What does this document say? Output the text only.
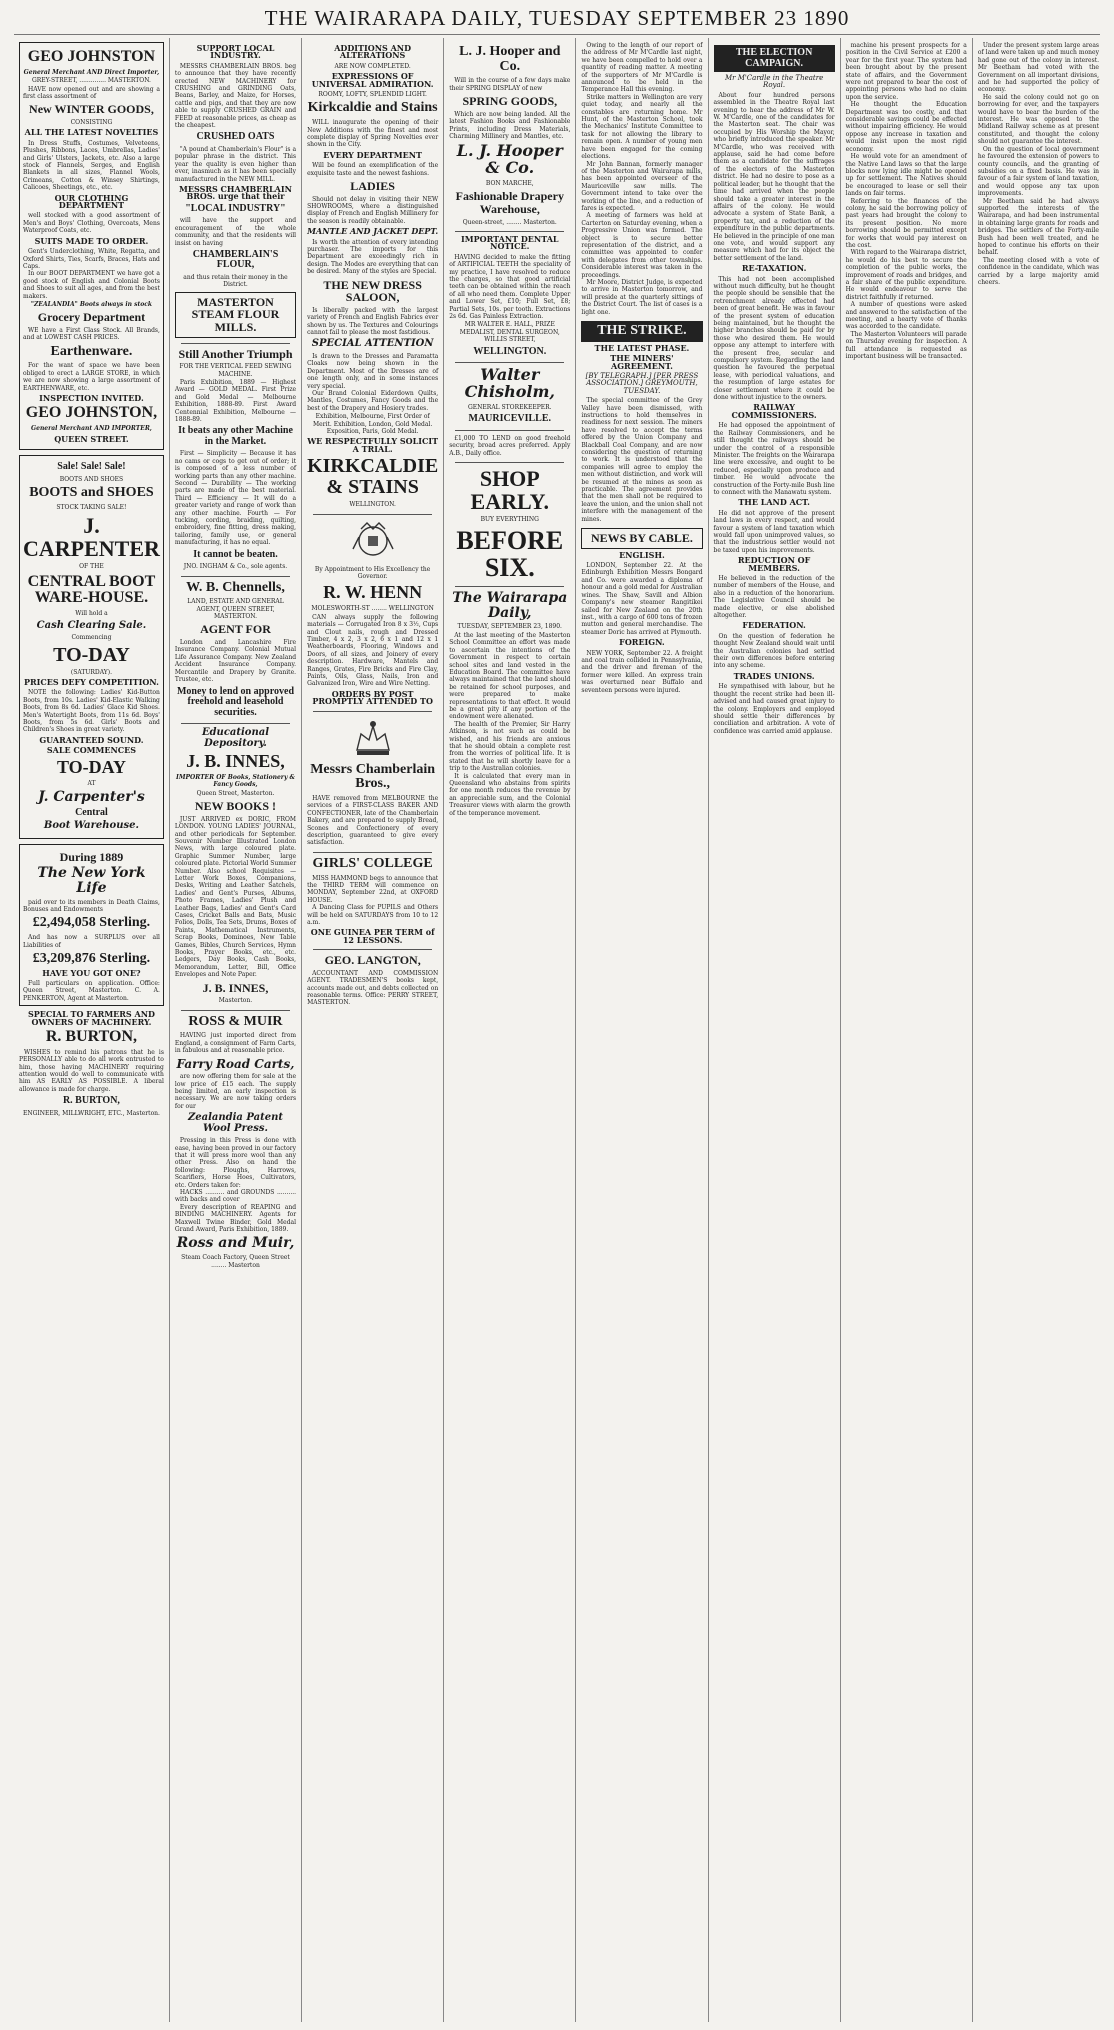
THE WAIRARAPA DAILY, TUESDAY SEPTEMBER 23 1890
GEO JOHNSTON
General Merchant AND Direct Importer,
GREY-STREET, .............. MASTERTON.
HAVE now opened out and are showing a first class assortment of
New WINTER GOODS,
CONSISTING
ALL THE LATEST NOVELTIES
In Dress Stuffs, Costumes, Velveteens, Plushes, Ribbons, Laces, Umbrellas, Ladies' and Girls' Ulsters, Jackets, etc. Also a large stock of Flannels, Serges, and English Blankets in all sizes, Flannel Wools, Crimeans, Cotton & Winsey Shirtings, Calicoes, Sheetings, etc., etc.
OUR CLOTHING DEPARTMENT
well stocked with a good assortment of Men's and Boys' Clothing, Overcoats, Mens Waterproof Coats, etc.
SUITS MADE TO ORDER.
Gent's Underclothing, White, Regatta, and Oxford Shirts, Ties, Scarfs, Braces, Hats and Caps.
In our BOOT DEPARTMENT we have got a good stock of English and Colonial Boots and Shoes to suit all ages, and from the best makers.
"ZEALANDIA" Boots always in stock
Grocery Department
WE have a First Class Stock. All Brands, and at LOWEST CASH PRICES.
Earthenware.
For the want of space we have been obliged to erect a LARGE STORE, in which we are now showing a large assortment of EARTHENWARE, etc.
INSPECTION INVITED.
GEO JOHNSTON,
General Merchant AND IMPORTER,
QUEEN STREET.
Sale! Sale! Sale!
BOOTS AND SHOES
BOOTS and SHOES
STOCK TAKING SALE!
J. CARPENTER
OF THE
CENTRAL BOOT WARE-HOUSE.
Will hold a
Cash Clearing Sale.
Commencing
TO-DAY
(SATURDAY).
PRICES DEFY COMPETITION.
NOTE the following: Ladies' Kid-Button Boots, from 10s. Ladies' Kid-Elastic Walking Boots, from 8s 6d. Ladies' Glace Kid Shoes. Men's Watertight Boots, from 11s 6d. Boys' Boots, from 5s 6d. Girls' Boots and Children's Shoes in great variety.
GUARANTEED SOUND.
SALE COMMENCES
TO-DAY
AT
J. Carpenter's
Central
Boot Warehouse.
During 1889
The New York Life
paid over to its members in Death Claims, Bonuses and Endowments
£2,494,058 Sterling.
And has now a SURPLUS over all Liabilities of
£3,209,876 Sterling.
HAVE YOU GOT ONE?
Full particulars on application. Office: Queen Street, Masterton. C. A. PENKERTON, Agent at Masterton.
SPECIAL TO FARMERS AND OWNERS OF MACHINERY.
R. BURTON,
WISHES to remind his patrons that he is PERSONALLY able to do all work entrusted to him, those having MACHINERY requiring attention would do well to communicate with him AS EARLY AS POSSIBLE. A liberal allowance is made for charge.
R. BURTON,
ENGINEER, MILLWRIGHT, ETC., Masterton.
SUPPORT LOCAL INDUSTRY.
MESSRS CHAMBERLAIN BROS. beg to announce that they have recently erected NEW MACHINERY for CRUSHING and GRINDING Oats, Beans, Barley, and Maize, for Horses, cattle and pigs, and that they are now able to supply CRUSHED GRAIN and FEED at reasonable prices, as cheap as the cheapest.
CRUSHED OATS
"A pound at Chamberlain's Flour" is a popular phrase in the district. This year the quality is even higher than ever, inasmuch as it has been specially manufactured in the NEW MILL.
MESSRS CHAMBERLAIN BROS. urge that their
"LOCAL INDUSTRY"
will have the support and encouragement of the whole community, and that the residents will insist on having
CHAMBERLAIN'S FLOUR,
and thus retain their money in the District.
MASTERTON STEAM FLOUR MILLS.
Still Another Triumph
FOR THE VERTICAL FEED SEWING MACHINE.
Paris Exhibition, 1889 — Highest Award — GOLD MEDAL. First Prize and Gold Medal — Melbourne Exhibition, 1888-89. First Award Centennial Exhibition, Melbourne — 1888-89.
It beats any other Machine in the Market.
First — Simplicity — Because it has no cams or cogs to get out of order; it is composed of a less number of working parts than any other machine. Second — Durability — The working parts are made of the best material. Third — Efficiency — It will do a greater variety and range of work than any other machine. Fourth — For tucking, cording, braiding, quilting, embroidery, fine fitting, dress making, tailoring, family use, or general manufacturing, it has no equal.
It cannot be beaten.
JNO. INGHAM & Co., sole agents.
W. B. Chennells,
LAND, ESTATE AND GENERAL AGENT, QUEEN STREET, MASTERTON.
AGENT FOR
London and Lancashire Fire Insurance Company. Colonial Mutual Life Assurance Company. New Zealand Accident Insurance Company. Mercantile and Drapery by Granite. Trustee, etc.
Money to lend on approved freehold and leasehold securities.
Educational Depository.
J. B. INNES,
IMPORTER OF Books, Stationery & Fancy Goods,
Queen Street, Masterton.
NEW BOOKS !
JUST ARRIVED ex DORIC, FROM LONDON. YOUNG LADIES' JOURNAL, and other periodicals for September. Souvenir Number Illustrated London News, with large coloured plate. Graphic Summer Number, large coloured plate. Pictorial World Summer Number. Also school Requisites — Letter Work Boxes, Companions, Desks, Writing and Leather Satchels, Ladies' and Gent's Purses, Albums, Photo Frames, Ladies' Plush and Leather Bags, Ladies' and Gent's Card Cases, Cricket Balls and Bats, Music Folios, Dolls, Tea Sets, Drums, Boxes of Paints, Mathematical Instruments, Scrap Books, Dominoes, New Table Games, Bibles, Church Services, Hymn Books, Prayer Books, etc., etc. Ledgers, Day Books, Cash Books, Memorandum, Letter, Bill, Office Envelopes and Note Paper.
J. B. INNES,
Masterton.
ROSS & MUIR
HAVING just imported direct from England, a consignment of Farm Carts, in fabulous and at reasonable price.
Farry Road Carts,
are now offering them for sale at the low price of £15 each. The supply being limited, an early inspection is necessary. We are now taking orders for our
Zealandia Patent Wool Press.
Pressing in this Press is done with ease, having been proved in our factory that it will press more wool than any other Press. Also on hand the following: Ploughs, Harrows, Scarifiers, Horse Hoes, Cultivators, etc. Orders taken for:
HACKS .......... and GROUNDS .......... with backs and cover
Every description of REAPING and BINDING MACHINERY. Agents for Maxwell Twine Binder, Gold Medal Grand Award, Paris Exhibition, 1889.
Ross and Muir,
Steam Coach Factory, Queen Street ........ Masterton
ADDITIONS AND ALTERATIONS
ARE NOW COMPLETED.
EXPRESSIONS OF UNIVERSAL ADMIRATION.
ROOMY, LOFTY, SPLENDID LIGHT.
Kirkcaldie and Stains
WILL inaugurate the opening of their New Additions with the finest and most complete display of Spring Novelties ever shown in the City.
EVERY DEPARTMENT
Will be found an exemplification of the exquisite taste and the newest fashions.
LADIES
Should not delay in visiting their NEW SHOWROOMS, where a distinguished display of French and English Millinery for the season is readily obtainable.
MANTLE AND JACKET DEPT.
Is worth the attention of every intending purchaser. The imports for this Department are exceedingly rich in design. The Modes are everything that can be desired. Many of the styles are Special.
THE NEW DRESS SALOON,
Is liberally packed with the largest variety of French and English Fabrics ever shown by us. The Textures and Colourings cannot fail to please the most fastidious.
SPECIAL ATTENTION
Is drawn to the Dresses and Paramatta Cloaks now being shown in the Department. Most of the Dresses are of one length only, and in some instances very special.
Our Brand Colonial Eiderdown Quilts, Mantles, Costumes, Fancy Goods and the best of the Drapery and Hosiery trades.
Exhibition, Melbourne, First Order of Merit. Exhibition, London, Gold Medal. Exposition, Paris, Gold Medal.
WE RESPECTFULLY SOLICIT A TRIAL.
KIRKCALDIE & STAINS
WELLINGTON.
By Appointment to His Excellency the Governor.
R. W. HENN
MOLESWORTH-ST ........ WELLINGTON
CAN always supply the following materials — Corrugated Iron 8 x 3½, Cups and Clout nails, rough and Dressed Timber, 4 x 2, 3 x 2, 6 x 1 and 12 x 1 Weatherboards, Flooring, Windows and Doors, of all sizes, and Joinery of every description. Hardware, Mantels and Ranges, Grates, Fire Bricks and Fire Clay, Paints, Oils, Glass, Nails, Iron and Galvanized Iron, Wire and Wire Netting.
ORDERS BY POST PROMPTLY ATTENDED TO
Messrs Chamberlain Bros.,
HAVE removed from MELBOURNE the services of a FIRST-CLASS BAKER AND CONFECTIONER, late of the Chamberlain Bakery, and are prepared to supply Bread, Scones and Confectionery of every description, guaranteed to give every satisfaction.
GIRLS' COLLEGE
MISS HAMMOND begs to announce that the THIRD TERM will commence on MONDAY, September 22nd, at OXFORD HOUSE.
A Dancing Class for PUPILS and Others will be held on SATURDAYS from 10 to 12 a.m.
ONE GUINEA PER TERM of 12 LESSONS.
GEO. LANGTON,
ACCOUNTANT AND COMMISSION AGENT. TRADESMEN'S books kept, accounts made out, and debts collected on reasonable terms. Office: PERRY STREET, MASTERTON.
L. J. Hooper and Co.
Will in the course of a few days make their SPRING DISPLAY of new
SPRING GOODS,
Which are now being landed. All the latest Fashion Books and Fashionable Prints, including Dress Materials, Charming Millinery and Mantles, etc.
L. J. Hooper & Co.
BON MARCHE,
Fashionable Drapery Warehouse,
Queen-street, ........ Masterton.
IMPORTANT DENTAL NOTICE.
HAVING decided to make the fitting of ARTIFICIAL TEETH the speciality of my practice, I have resolved to reduce the charges, so that good artificial teeth can be obtained within the reach of all who need them. Complete Upper and Lower Set, £10; Full Set, £8; Partial Sets, 10s. per tooth. Extractions 2s 6d. Gas Painless Extraction.
MR WALTER E. HALL, PRIZE MEDALIST, DENTAL SURGEON, WILLIS STREET,
WELLINGTON.
Walter Chisholm,
GENERAL STOREKEEPER.
MAURICEVILLE.
£1,000 TO LEND on good freehold security, broad acres preferred. Apply A.B., Daily office.
SHOP EARLY.
BUY EVERYTHING
BEFORE SIX.
The Wairarapa Daily,
TUESDAY, SEPTEMBER 23, 1890.
At the last meeting of the Masterton School Committee an effort was made to ascertain the intentions of the Government in respect to certain school sites and land vested in the Education Board. The committee have always maintained that the land should be retained for school purposes, and were prepared to make representations to that effect. It would be a great pity if any portion of the endowment were alienated.
The health of the Premier, Sir Harry Atkinson, is not such as could be wished, and his friends are anxious that he should obtain a complete rest from the worries of political life. It is stated that he will shortly leave for a trip to the Australian colonies.
It is calculated that every man in Queensland who abstains from spirits for one month reduces the revenue by an appreciable sum, and the Colonial Treasurer views with alarm the growth of the temperance movement.
Owing to the length of our report of the address of Mr M'Cardle last night, we have been compelled to hold over a quantity of reading matter. A meeting of the supporters of Mr M'Cardle is announced to be held in the Temperance Hall this evening.
Strike matters in Wellington are very quiet today, and nearly all the constables are returning home. Mr Hunt, of the Masterton School, took the Mechanics' Institute Committee to task for not allowing the library to remain open. A number of young men have been engaged for the coming elections.
Mr John Bannan, formerly manager of the Masterton and Wairarapa mills, has been appointed overseer of the Mauriceville saw mills. The Government intend to take over the working of the line, and a reduction of fares is expected.
A meeting of farmers was held at Carterton on Saturday evening, when a Progressive Union was formed. The object is to secure better representation of the district, and a committee was appointed to confer with delegates from other townships. Considerable interest was taken in the proceedings.
Mr Moore, District Judge, is expected to arrive in Masterton tomorrow, and will preside at the quarterly sittings of the District Court. The list of cases is a light one.
THE STRIKE.
THE LATEST PHASE.
THE MINERS' AGREEMENT.
[BY TELEGRAPH.] [PER PRESS ASSOCIATION.] GREYMOUTH, TUESDAY.
The special committee of the Grey Valley have been dismissed, with instructions to hold themselves in readiness for next session. The miners have resolved to accept the terms offered by the Union Company and Blackball Coal Company, and are now considering the question of returning to work. It is understood that the companies will agree to employ the men without distinction, and work will be resumed at the mines as soon as practicable. The agreement provides that the men shall not be required to leave the union, and the union shall not interfere with the management of the mines.
NEWS BY CABLE.
ENGLISH.
LONDON, September 22. At the Edinburgh Exhibition Messrs Bongard and Co. were awarded a diploma of honour and a gold medal for Australian wines. The Shaw, Savill and Albion Company's new steamer Rangitikei sailed for New Zealand on the 20th inst., with a cargo of 600 tons of frozen mutton and general merchandise. The steamer Doric has arrived at Plymouth.
FOREIGN.
NEW YORK, September 22. A freight and coal train collided in Pennsylvania, and the driver and fireman of the former were killed. An express train was overturned near Buffalo and seventeen persons were injured.
THE ELECTION CAMPAIGN.
Mr M'Cardle in the Theatre Royal.
About four hundred persons assembled in the Theatre Royal last evening to hear the address of Mr W. W. M'Cardle, one of the candidates for the Masterton seat. The chair was occupied by His Worship the Mayor, who briefly introduced the speaker. Mr M'Cardle, who was received with applause, said he had come before them as a candidate for the suffrages of the electors of the Masterton district. He had no desire to pose as a political leader, but he thought that the time had arrived when the people should take a greater interest in the affairs of the colony. He would advocate a system of State Bank, a property tax, and a reduction of the expenditure in the public departments. He believed in the principle of one man one vote, and would support any measure which had for its object the better settlement of the land.
RE-TAXATION.
This had not been accomplished without much difficulty, but he thought the people should be sensible that the retrenchment already effected had been of great benefit. He was in favour of the present system of education being maintained, but he thought the higher branches should be paid for by those who desired them. He would oppose any attempt to interfere with the present free, secular and compulsory system. Regarding the land question he favoured the perpetual lease, with periodical valuations, and the resumption of large estates for closer settlement where it could be done without injustice to the owners.
RAILWAY COMMISSIONERS.
He had opposed the appointment of the Railway Commissioners, and he still thought the railways should be under the control of a responsible Minister. The freights on the Wairarapa line were excessive, and ought to be reduced, especially upon produce and timber. He would advocate the construction of the Forty-mile Bush line to connect with the Manawatu system.
THE LAND ACT.
He did not approve of the present land laws in every respect, and would favour a system of land taxation which would fall upon unimproved values, so that the industrious settler would not be taxed upon his improvements.
REDUCTION OF MEMBERS.
He believed in the reduction of the number of members of the House, and also in a reduction of the honorarium. The Legislative Council should be made elective, or else abolished altogether.
FEDERATION.
On the question of federation he thought New Zealand should wait until the Australian colonies had settled their own differences before entering into any scheme.
TRADES UNIONS.
He sympathised with labour, but he thought the recent strike had been ill-advised and had caused great injury to the colony. Employers and employed should settle their differences by conciliation and arbitration. A vote of confidence was carried amid applause.
machine his present prospects for a position in the Civil Service at £200 a year for the first year. The system had been brought about by the present state of affairs, and the Government were not prepared to bear the cost of appointing persons who had no claim upon the service.
He thought the Education Department was too costly, and that considerable savings could be effected without impairing efficiency. He would oppose any increase in taxation and would insist upon the most rigid economy.
He would vote for an amendment of the Native Land laws so that the large blocks now lying idle might be opened up for settlement. The Natives should be encouraged to lease or sell their lands on fair terms.
Referring to the finances of the colony, he said the borrowing policy of past years had brought the colony to its present position. No more borrowing should be permitted except for works that would pay interest on the cost.
With regard to the Wairarapa district, he would do his best to secure the completion of the public works, the improvement of roads and bridges, and a fair share of the public expenditure. He would endeavour to serve the district faithfully if returned.
A number of questions were asked and answered to the satisfaction of the meeting, and a hearty vote of thanks was accorded to the candidate.
The Masterton Volunteers will parade on Thursday evening for inspection. A full attendance is requested as important business will be transacted.
Under the present system large areas of land were taken up and much money had gone out of the colony in interest. Mr Beetham had voted with the Government on all important divisions, and he had supported the policy of economy.
He said the colony could not go on borrowing for ever, and the taxpayers would have to bear the burden of the interest. He was opposed to the Midland Railway scheme as at present constituted, and thought the colony should not guarantee the interest.
On the question of local government he favoured the extension of powers to county councils, and the granting of subsidies on a fixed basis. He was in favour of a fair system of land taxation, and would oppose any tax upon improvements.
Mr Beetham said he had always supported the interests of the Wairarapa, and had been instrumental in obtaining large grants for roads and bridges. The settlers of the Forty-mile Bush had been well treated, and he hoped to continue his efforts on their behalf.
The meeting closed with a vote of confidence in the candidate, which was carried by a large majority amid cheers.
